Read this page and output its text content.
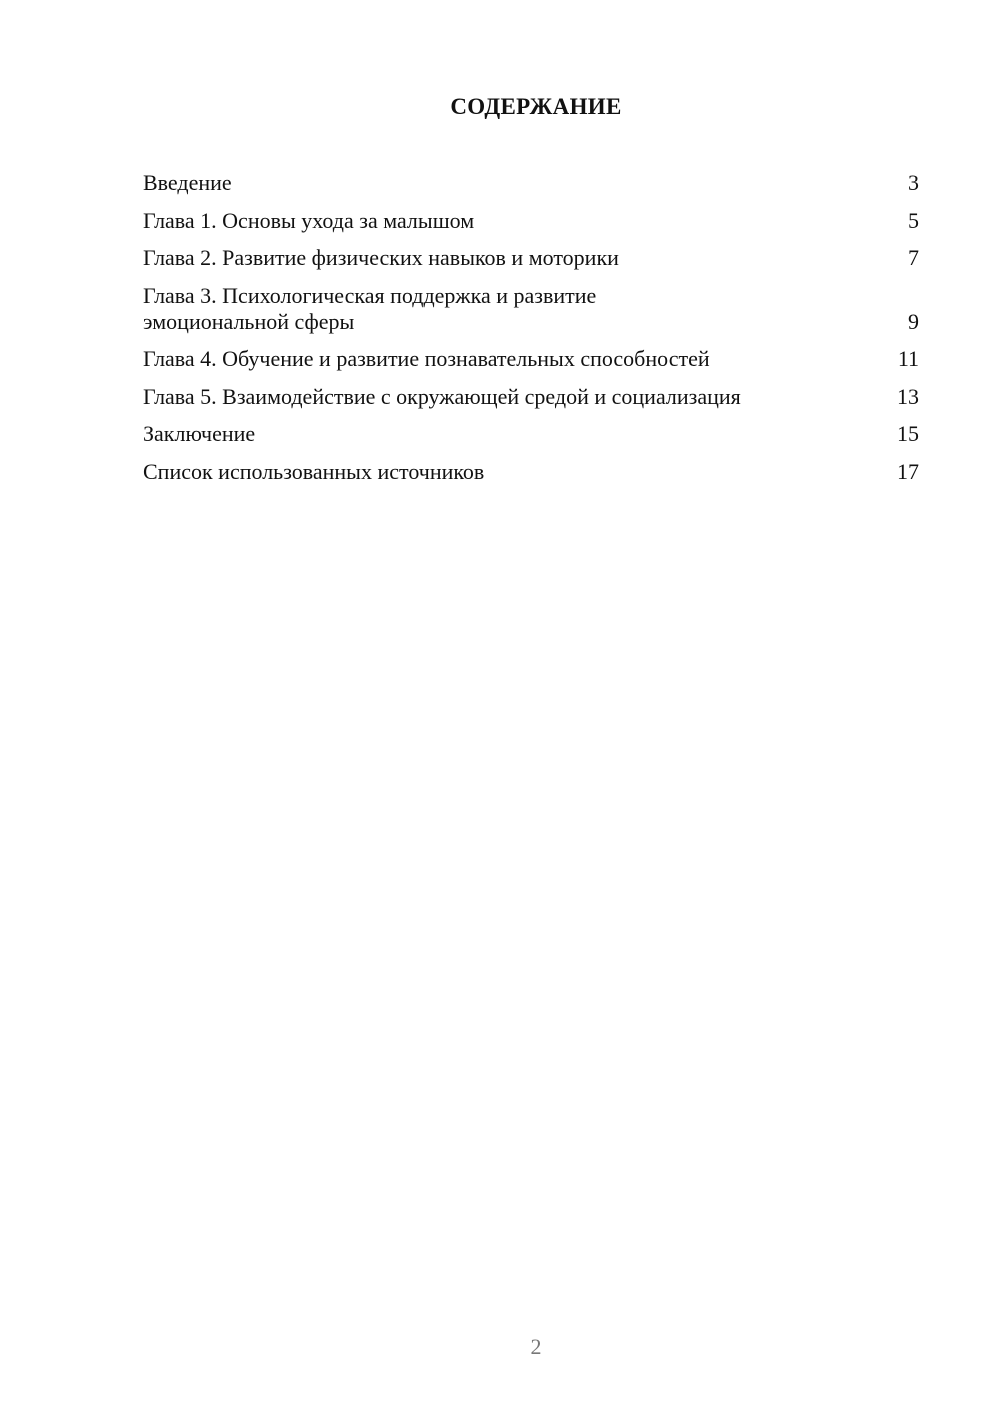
СОДЕРЖАНИЕ
Введение	3
Глава 1. Основы ухода за малышом	5
Глава 2. Развитие физических навыков и моторики	7
Глава 3. Психологическая поддержка и развитие
эмоциональной сферы	9
Глава 4. Обучение и развитие познавательных способностей	11
Глава 5. Взаимодействие с окружающей средой и социализация	13
Заключение	15
Список использованных источников	17
2
